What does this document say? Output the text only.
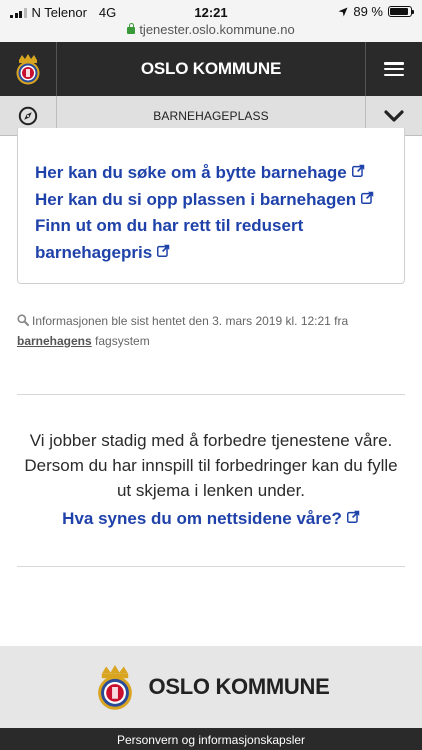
N Telenor 4G	12:21	89 %
tjenester.oslo.kommune.no
OSLO KOMMUNE
BARNEHAGEPLASS
Her kan du søke om å bytte barnehage
Her kan du si opp plassen i barnehagen
Finn ut om du har rett til redusert barnehagepris
Informasjonen ble sist hentet den 3. mars 2019 kl. 12:21 fra barnehagens fagsystem
Vi jobber stadig med å forbedre tjenestene våre. Dersom du har innspill til forbedringer kan du fylle ut skjema i lenken under.
Hva synes du om nettsidene våre?
OSLO KOMMUNE
Personvern og informasjonskapsler
